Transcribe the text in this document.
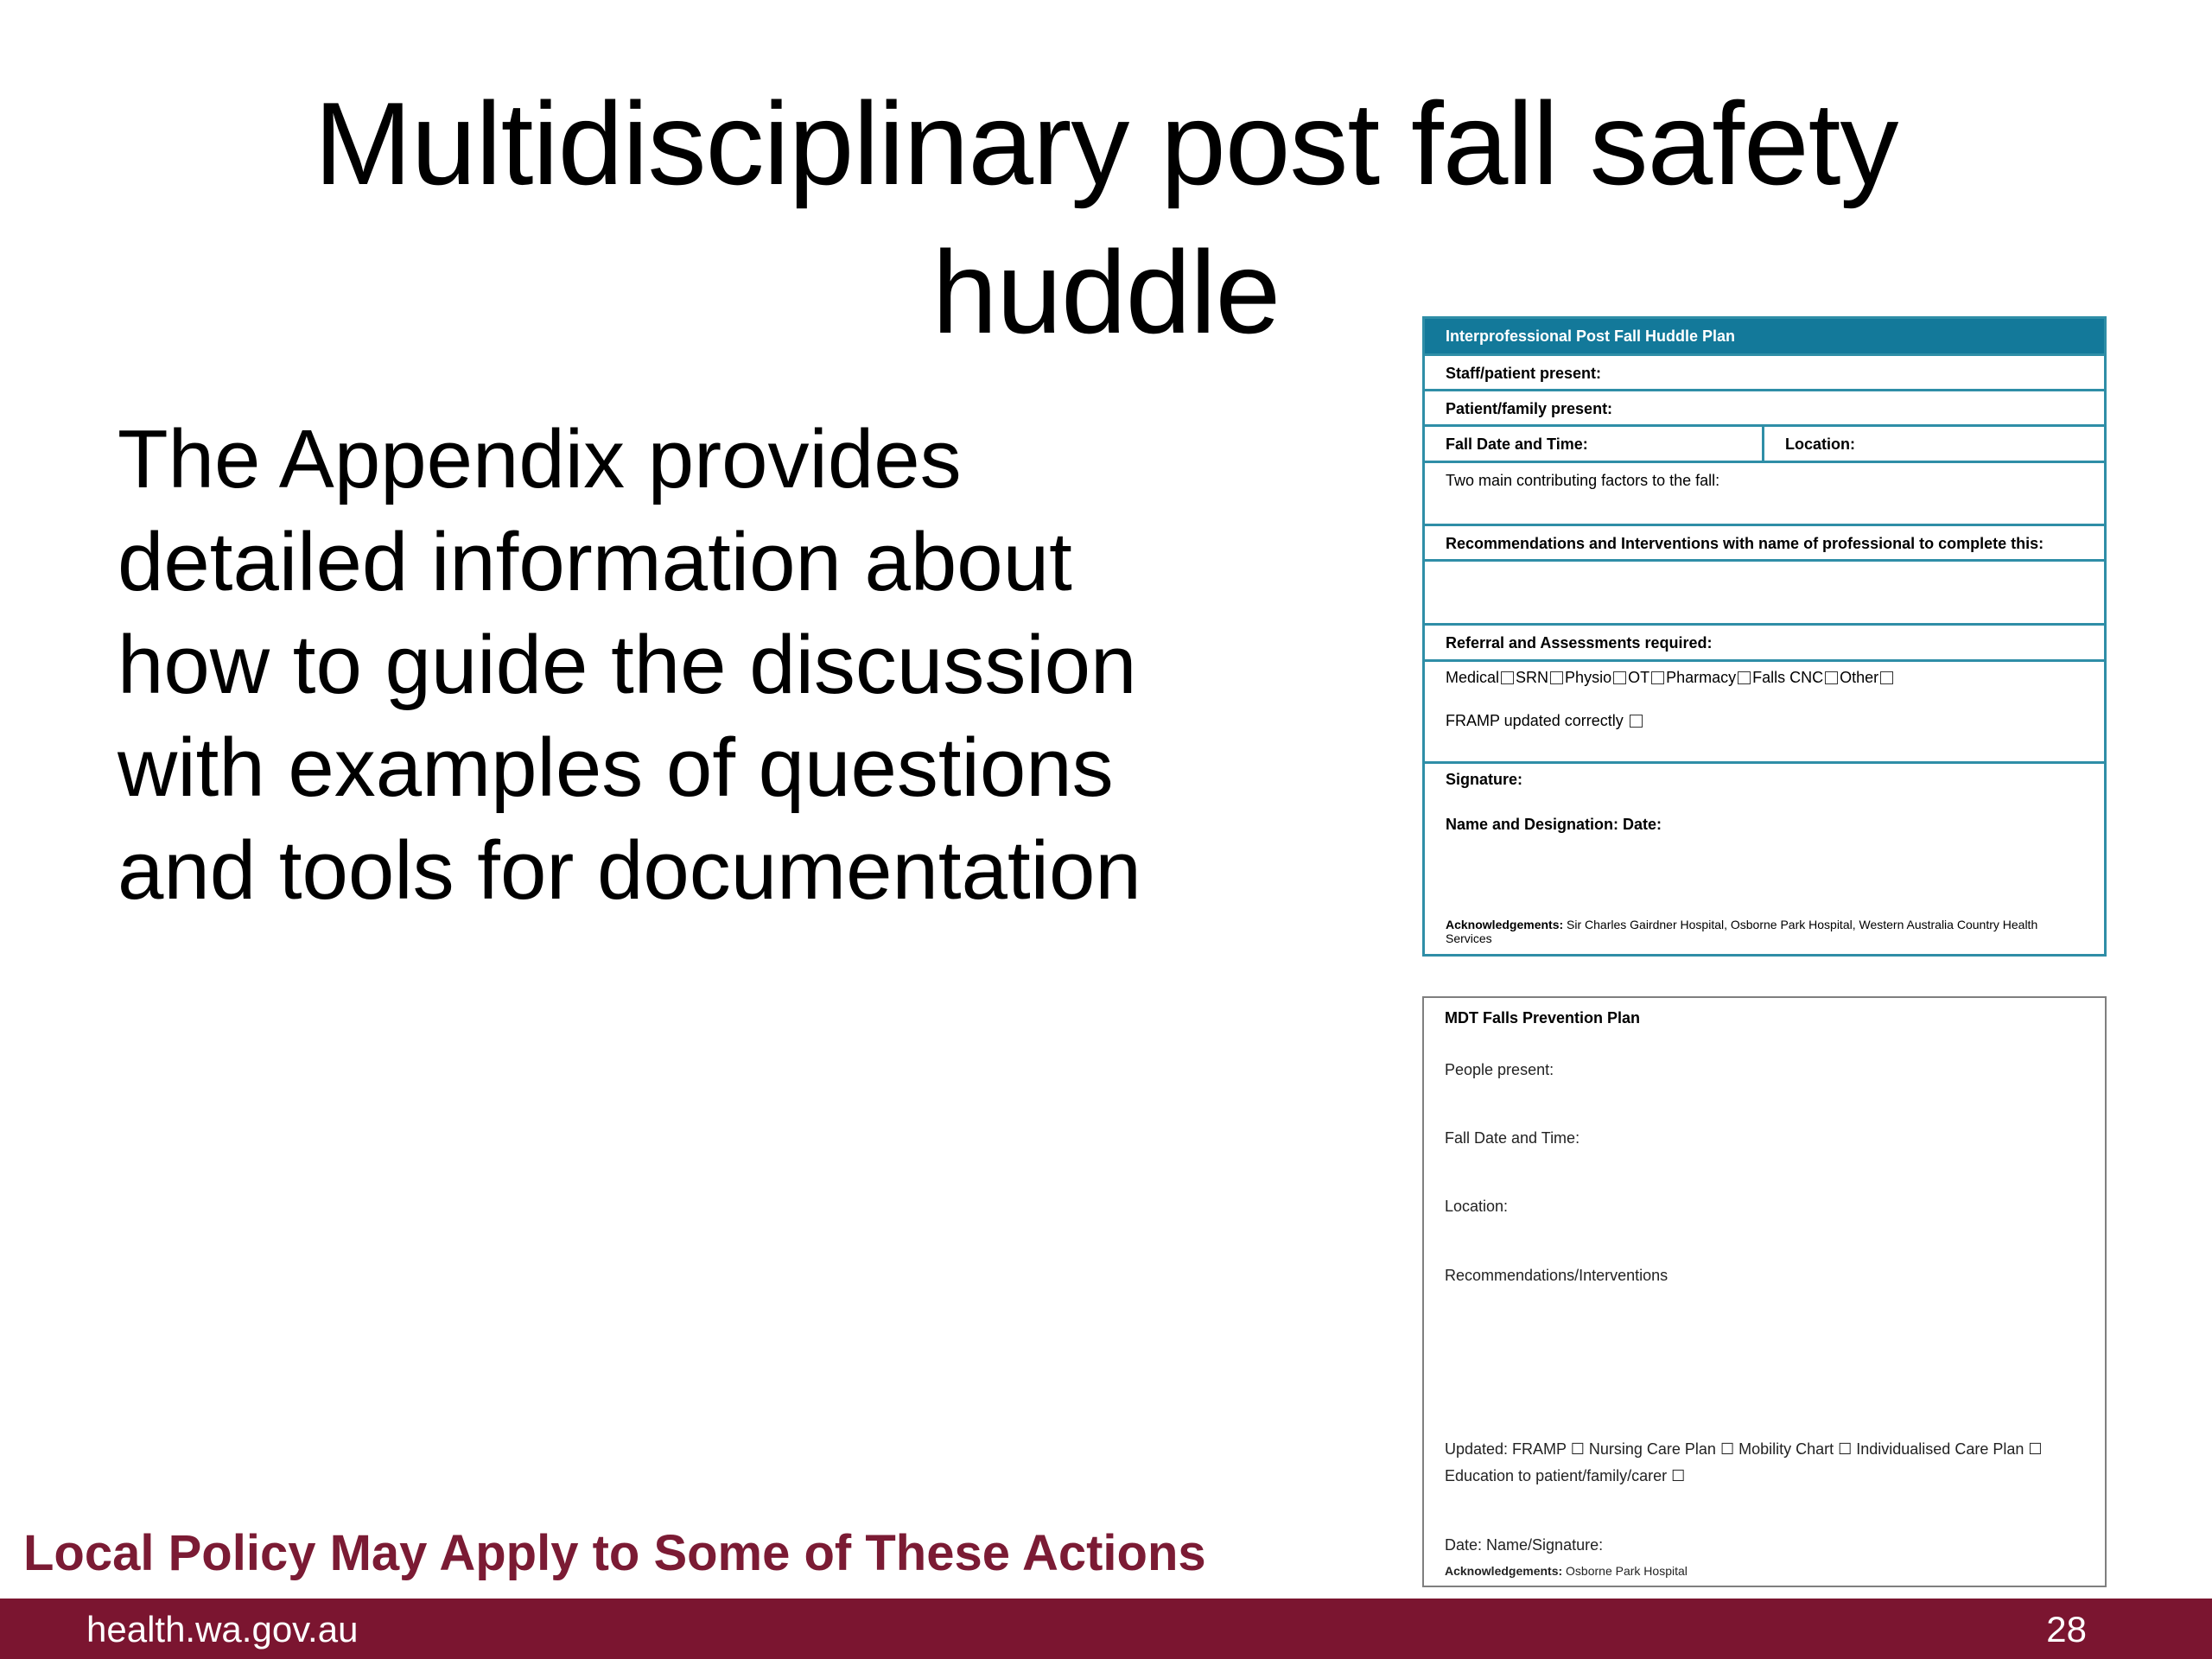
Multidisciplinary post fall safety
huddle
The Appendix provides
detailed information about
how to guide the discussion
with examples of questions
and tools for documentation
Interprofessional Post Fall Huddle Plan
Staff/patient present:
Patient/family present:
Fall Date and Time:	Location:
Two main contributing factors to the fall:
Recommendations and Interventions with name of professional to complete this:
Referral and Assessments required:
Medical SRN Physio OT Pharmacy Falls CNC Other
FRAMP updated correctly
Signature:
Name and Designation: Date:
Acknowledgements: Sir Charles Gairdner Hospital, Osborne Park Hospital, Western Australia Country Health Services
MDT Falls Prevention Plan
People present:
Fall Date and Time:
Location:
Recommendations/Interventions
Updated: FRAMP ☐ Nursing Care Plan ☐ Mobility Chart ☐ Individualised Care Plan ☐
Education to patient/family/carer ☐
Date: Name/Signature:
Acknowledgements: Osborne Park Hospital
Local Policy May Apply to Some of These Actions
health.wa.gov.au	28
